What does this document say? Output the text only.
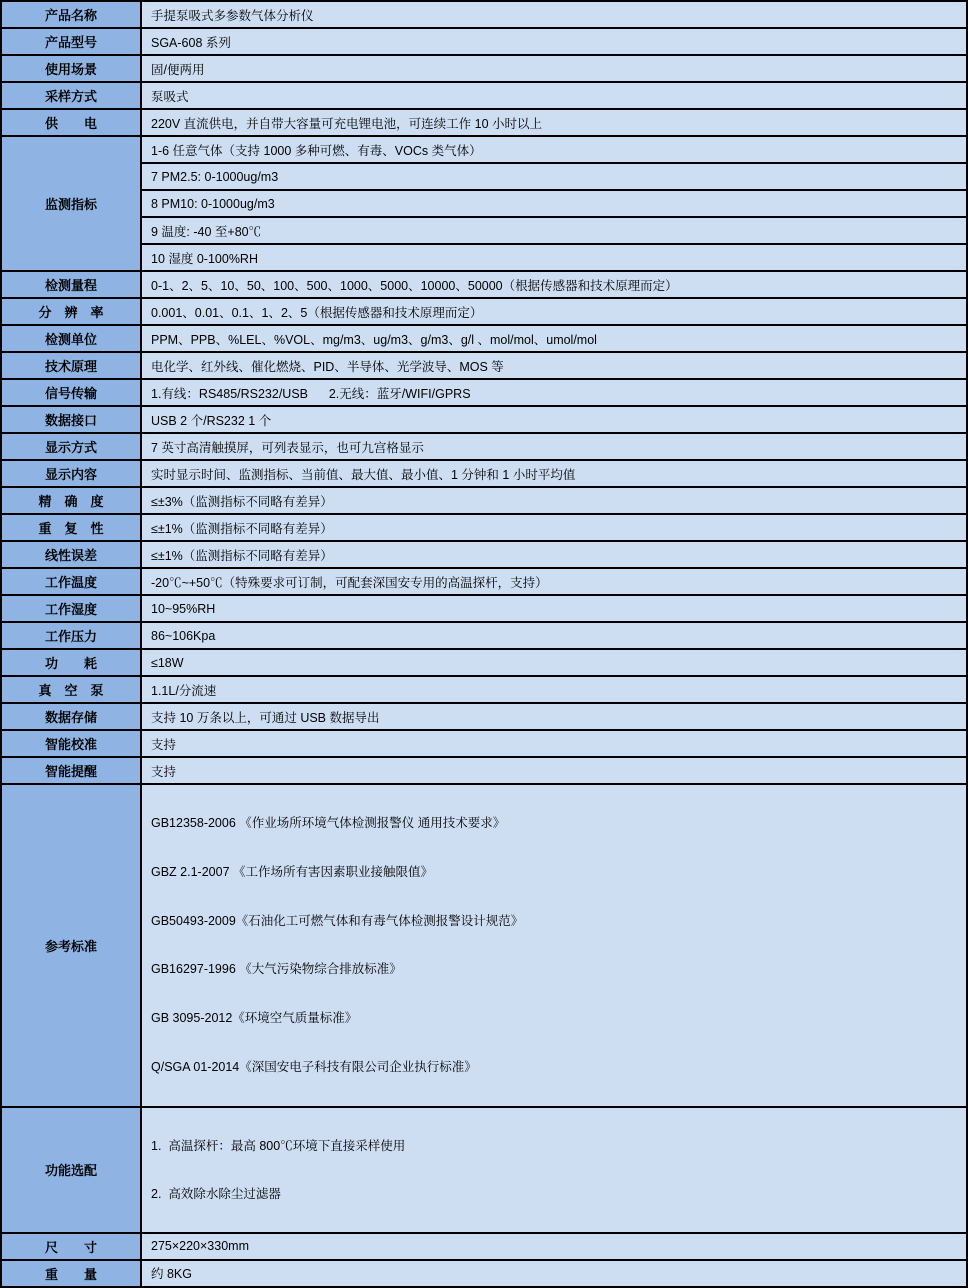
产品名称	手提泵吸式多参数气体分析仪
产品型号	SGA-608 系列
使用场景	固/便两用
采样方式	泵吸式
供　　电	220V 直流供电，并自带大容量可充电锂电池，可连续工作 10 小时以上
监测指标	1-6 任意气体（支持 1000 多种可燃、有毒、VOCs 类气体）
	7 PM2.5: 0-1000ug/m3
	8 PM10: 0-1000ug/m3
	9 温度: -40 至+80℃
	10 湿度 0-100%RH
检测量程	0-1、2、5、10、50、100、500、1000、5000、10000、50000（根据传感器和技术原理而定）
分　辨　率	0.001、0.01、0.1、1、2、5（根据传感器和技术原理而定）
检测单位	PPM、PPB、%LEL、%VOL、mg/m3、ug/m3、g/m3、g/l 、mol/mol、umol/mol
技术原理	电化学、红外线、催化燃烧、PID、半导体、光学波导、MOS 等
信号传输	1.有线：RS485/RS232/USB      2.无线：蓝牙/WIFI/GPRS
数据接口	USB 2 个/RS232 1 个
显示方式	7 英寸高清触摸屏，可列表显示，也可九宫格显示
显示内容	实时显示时间、监测指标、当前值、最大值、最小值、1 分钟和 1 小时平均值
精　确　度	≤±3%（监测指标不同略有差异）
重　复　性	≤±1%（监测指标不同略有差异）
线性误差	≤±1%（监测指标不同略有差异）
工作温度	-20℃~+50℃（特殊要求可订制，可配套深国安专用的高温探杆，支持）
工作湿度	10~95%RH
工作压力	86~106Kpa
功　　耗	≤18W
真　空　泵	1.1L/分流速
数据存储	支持 10 万条以上，可通过 USB 数据导出
智能校准	支持
智能提醒	支持
参考标准	

GB12358-2006 《作业场所环境气体检测报警仪 通用技术要求》

GBZ 2.1-2007 《工作场所有害因素职业接触限值》

GB50493-2009《石油化工可燃气体和有毒气体检测报警设计规范》

GB16297-1996 《大气污染物综合排放标准》

GB 3095-2012《环境空气质量标准》

Q/SGA 01-2014《深国安电子科技有限公司企业执行标准》

功能选配	1.  高温探杆：最高 800℃环境下直接采样使用

2.  高效除水除尘过滤器

尺　　寸	275×220×330mm
重　　量	约 8KG
